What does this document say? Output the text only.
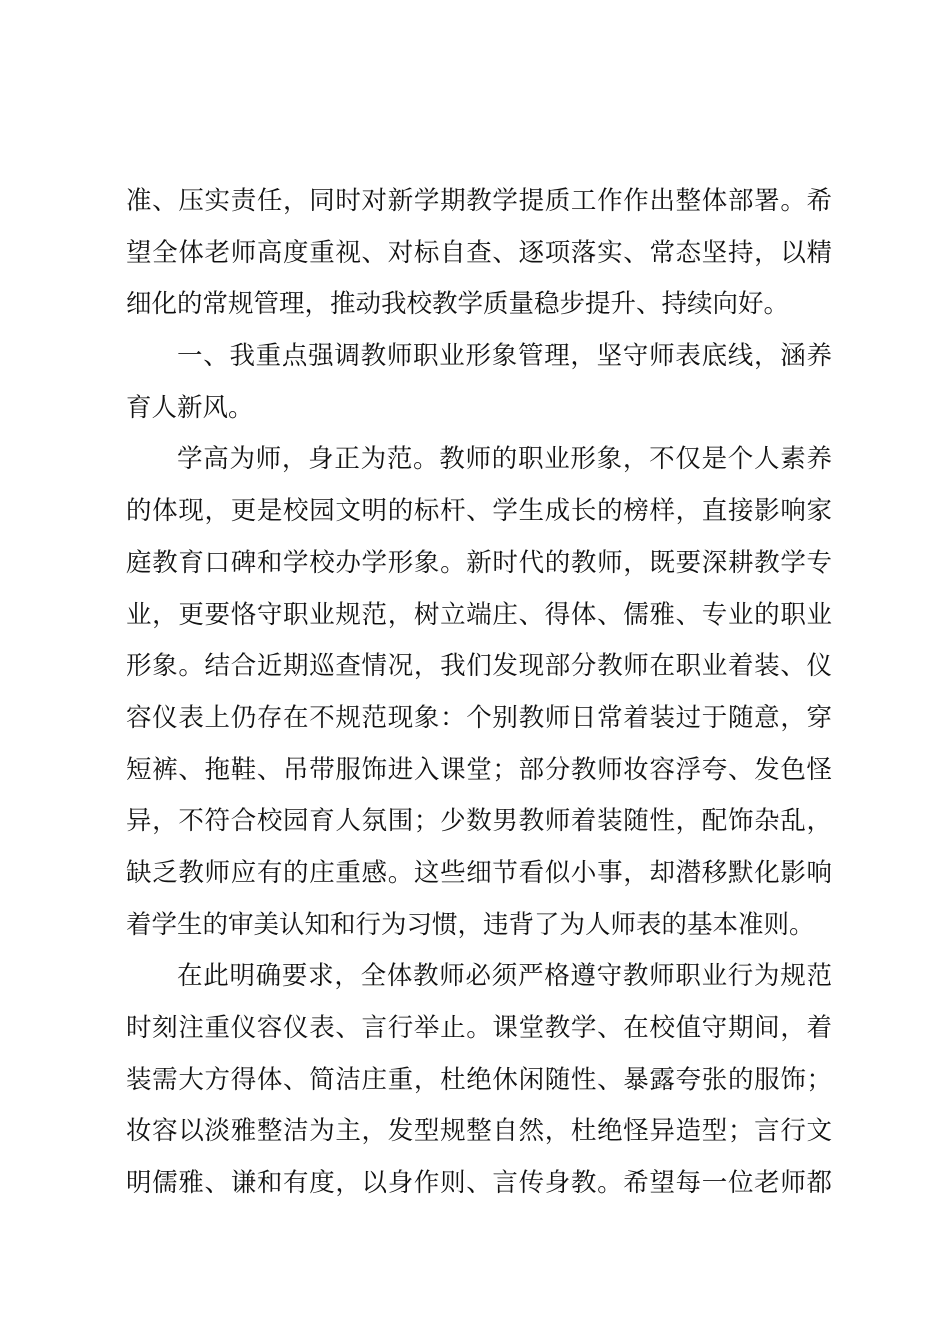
准、压实责任，同时对新学期教学提质工作作出整体部署。希
望全体老师高度重视、对标自查、逐项落实、常态坚持，以精
细化的常规管理，推动我校教学质量稳步提升、持续向好。
一、我重点强调教师职业形象管理，坚守师表底线，涵养
育人新风。
学高为师，身正为范。教师的职业形象，不仅是个人素养
的体现，更是校园文明的标杆、学生成长的榜样，直接影响家
庭教育口碑和学校办学形象。新时代的教师，既要深耕教学专
业，更要恪守职业规范，树立端庄、得体、儒雅、专业的职业
形象。结合近期巡查情况，我们发现部分教师在职业着装、仪
容仪表上仍存在不规范现象：个别教师日常着装过于随意，穿
短裤、拖鞋、吊带服饰进入课堂；部分教师妆容浮夸、发色怪
异，不符合校园育人氛围；少数男教师着装随性，配饰杂乱，
缺乏教师应有的庄重感。这些细节看似小事，却潜移默化影响
着学生的审美认知和行为习惯，违背了为人师表的基本准则。
在此明确要求，全体教师必须严格遵守教师职业行为规范
时刻注重仪容仪表、言行举止。课堂教学、在校值守期间，着
装需大方得体、简洁庄重，杜绝休闲随性、暴露夸张的服饰；
妆容以淡雅整洁为主，发型规整自然，杜绝怪异造型；言行文
明儒雅、谦和有度，以身作则、言传身教。希望每一位老师都
